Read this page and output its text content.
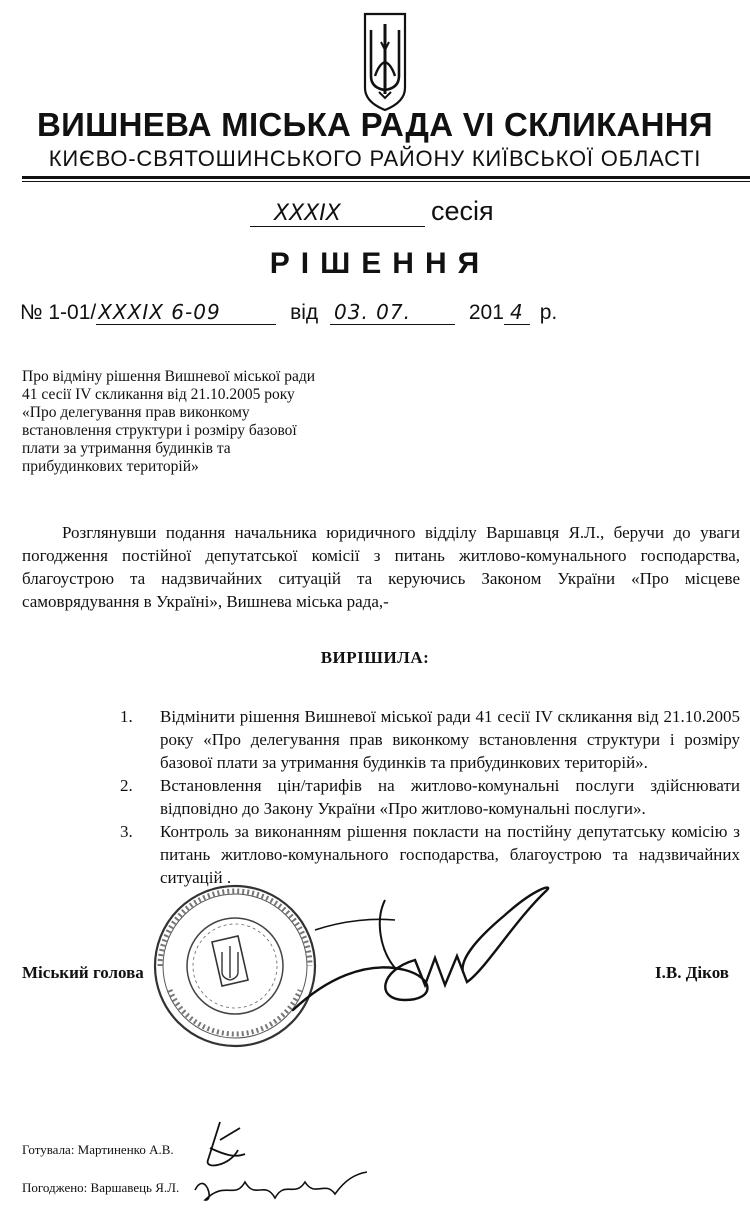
ВИШНЕВА МІСЬКА РАДА VI СКЛИКАННЯ
КИЄВО-СВЯТОШИНСЬКОГО РАЙОНУ КИЇВСЬКОЇ ОБЛАСТІ
XXXIX	сесія
РІШЕННЯ
№ 1-01/ XXXIX 6-09	від 03. 07.	201 4 р.
Про відміну рішення Вишневої міської ради
41 сесії IV скликання від 21.10.2005 року
«Про делегування прав виконкому
встановлення структури і розміру базової
плати за утримання будинків та
прибудинкових територій»
Розглянувши подання начальника юридичного відділу Варшавця Я.Л., беручи до уваги погодження постійної депутатської комісії з питань житлово-комунального господарства, благоустрою та надзвичайних ситуацій та керуючись Законом України «Про місцеве самоврядування в Україні», Вишнева міська рада,-
ВИРІШИЛА:
1. Відмінити рішення Вишневої міської ради 41 сесії IV скликання від 21.10.2005 року «Про делегування прав виконкому встановлення структури і розміру базової плати за утримання будинків та прибудинкових територій».
2. Встановлення цін/тарифів на житлово-комунальні послуги здійснювати відповідно до Закону України «Про житлово-комунальні послуги».
3. Контроль за виконанням рішення покласти на постійну депутатську комісію з питань житлово-комунального господарства, благоустрою та надзвичайних ситуацій .
Міський голова	І.В. Діков
Готувала: Мартиненко А.В.
Погоджено: Варшавець Я.Л.
